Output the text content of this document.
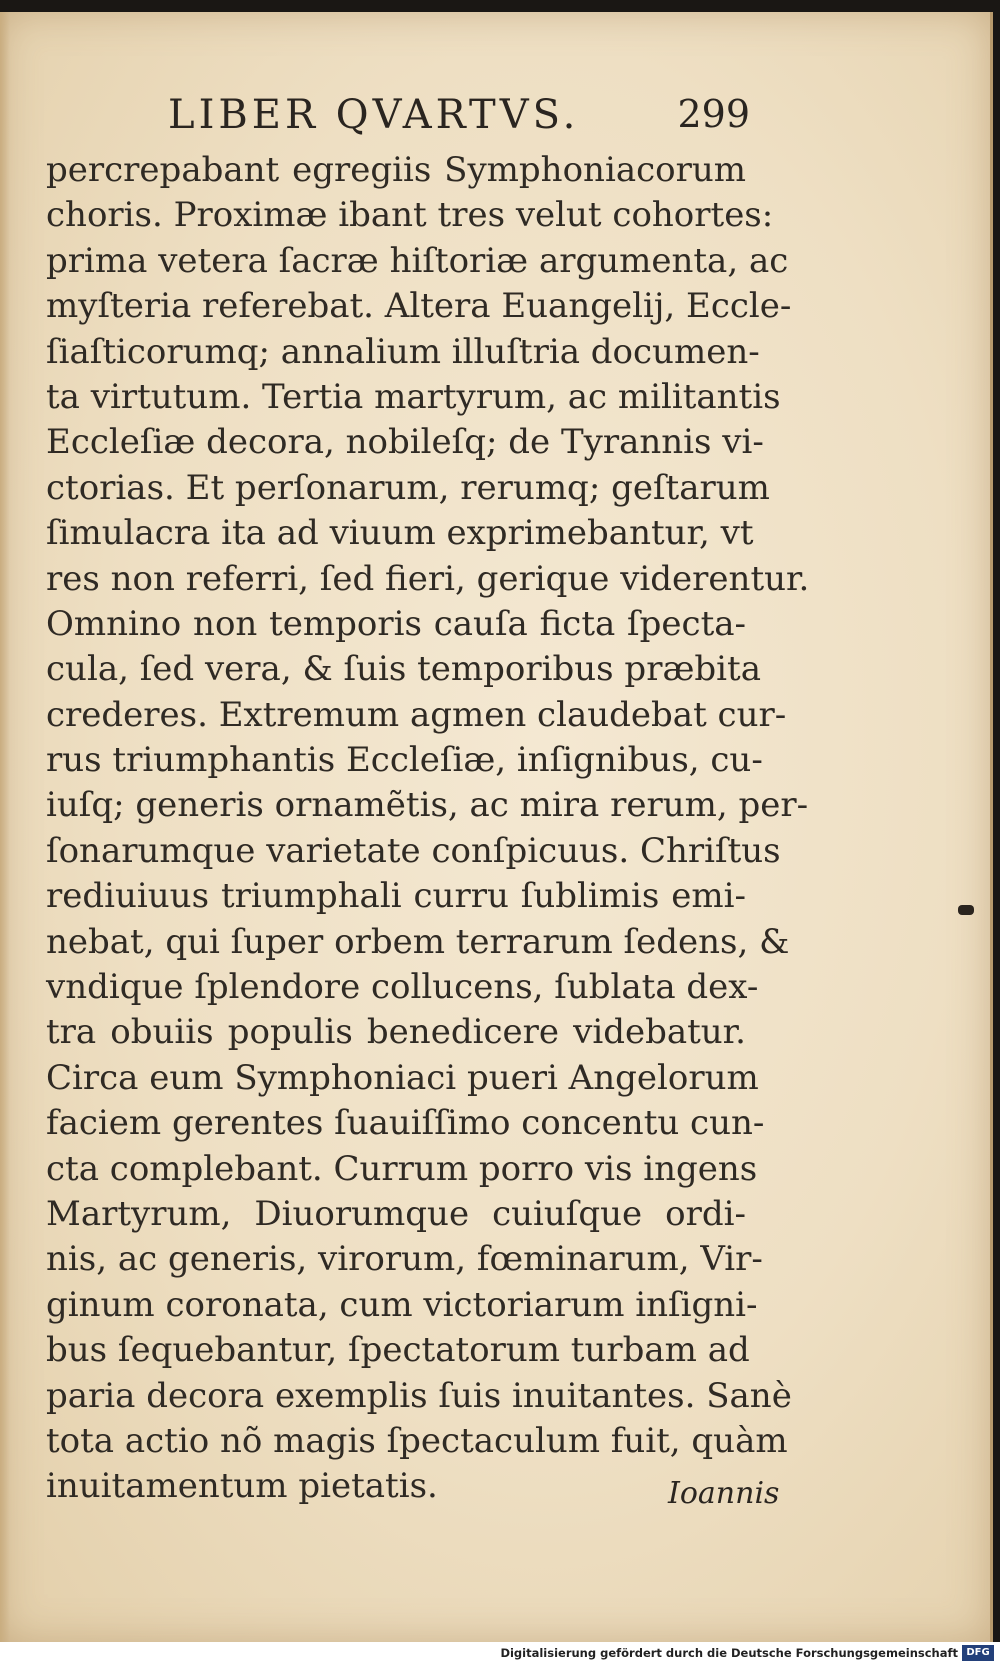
LIBER QVARTVS.	299
percrepabant egregiis Symphoniacorum
choris. Proximæ ibant tres velut cohortes:
prima vetera ſacræ hiſtoriæ argumenta, ac
myſteria referebat. Altera Euangelij, Eccle-
ſiaſticorumq; annalium illuſtria documen-
ta virtutum. Tertia martyrum, ac militantis
Eccleſiæ decora, nobileſq; de Tyrannis vi-
ctorias. Et perſonarum, rerumq; geſtarum
ſimulacra ita ad viuum exprimebantur, vt
res non referri, ſed fieri, gerique viderentur.
Omnino non temporis cauſa ficta ſpecta-
cula, ſed vera, & ſuis temporibus præbita
crederes. Extremum agmen claudebat cur-
rus triumphantis Eccleſiæ, inſignibus, cu-
iuſq; generis ornamẽtis, ac mira rerum, per-
ſonarumque varietate conſpicuus. Chriſtus
rediuiuus triumphali curru ſublimis emi-
nebat, qui ſuper orbem terrarum ſedens, &
vndique ſplendore collucens, ſublata dex-
tra obuiis populis benedicere videbatur.
Circa eum Symphoniaci pueri Angelorum
faciem gerentes ſuauiſſimo concentu cun-
cta complebant. Currum porro vis ingens
Martyrum, Diuorumque cuiuſque ordi-
nis, ac generis, virorum, fœminarum, Vir-
ginum coronata, cum victoriarum inſigni-
bus ſequebantur, ſpectatorum turbam ad
paria decora exemplis ſuis inuitantes. Sanè
tota actio nõ magis ſpectaculum fuit, quàm
inuitamentum pietatis.	Ioannis
Digitalisierung gefördert durch die Deutsche Forschungsgemeinschaft DFG
